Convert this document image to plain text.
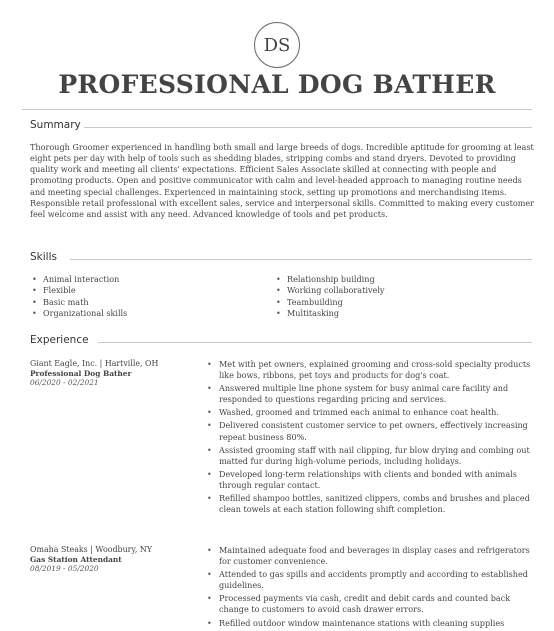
DS
PROFESSIONAL DOG BATHER
Summary
Thorough Groomer experienced in handling both small and large breeds of dogs. Incredible aptitude for grooming at least eight pets per day with help of tools such as shedding blades, stripping combs and stand dryers. Devoted to providing quality work and meeting all clients' expectations. Efficient Sales Associate skilled at connecting with people and promoting products. Open and positive communicator with calm and level-headed approach to managing routine needs and meeting special challenges. Experienced in maintaining stock, setting up promotions and merchandising items. Responsible retail professional with excellent sales, service and interpersonal skills. Committed to making every customer feel welcome and assist with any need. Advanced knowledge of tools and pet products.
Skills
• Animal interaction
• Flexible
• Basic math
• Organizational skills
• Relationship building
• Working collaboratively
• Teambuilding
• Multitasking
Experience
Giant Eagle, Inc. | Hartville, OH
Professional Dog Bather
06/2020 - 02/2021
• Met with pet owners, explained grooming and cross-sold specialty products like bows, ribbons, pet toys and products for dog's coat.
• Answered multiple line phone system for busy animal care facility and responded to questions regarding pricing and services.
• Washed, groomed and trimmed each animal to enhance coat health.
• Delivered consistent customer service to pet owners, effectively increasing repeat business 80%.
• Assisted grooming staff with nail clipping, fur blow drying and combing out matted fur during high-volume periods, including holidays.
• Developed long-term relationships with clients and bonded with animals through regular contact.
• Refilled shampoo bottles, sanitized clippers, combs and brushes and placed clean towels at each station following shift completion.
Omaha Steaks | Woodbury, NY
Gas Station Attendant
08/2019 - 05/2020
• Maintained adequate food and beverages in display cases and refrigerators for customer convenience.
• Attended to gas spills and accidents promptly and according to established guidelines.
• Processed payments via cash, credit and debit cards and counted back change to customers to avoid cash drawer errors.
• Refilled outdoor window maintenance stations with cleaning supplies
